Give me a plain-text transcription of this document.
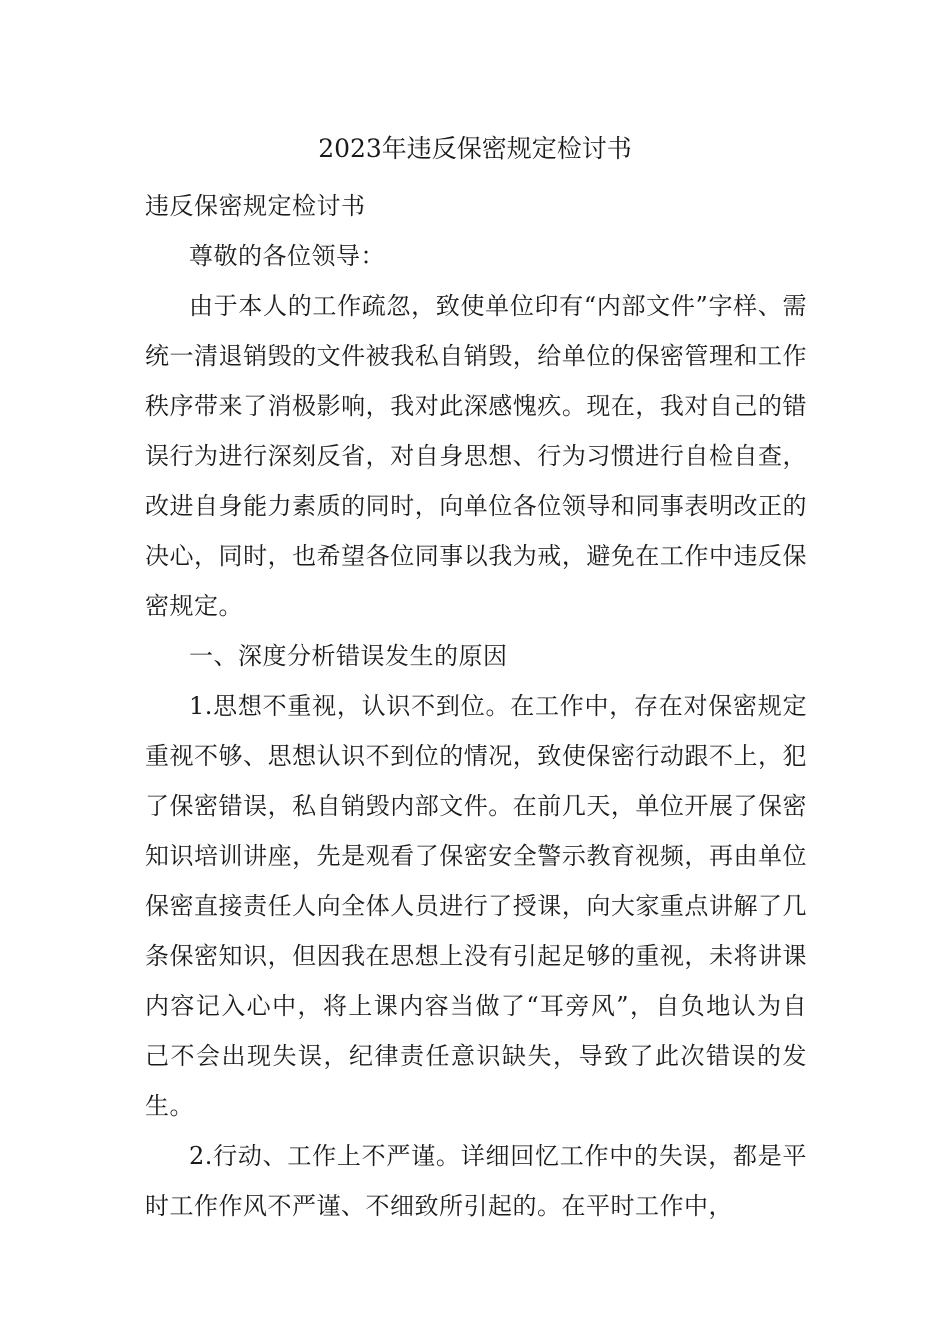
2023年违反保密规定检讨书

违反保密规定检讨书

尊敬的各位领导：

由于本人的工作疏忽，致使单位印有“内部文件”字样、需统一清退销毁的文件被我私自销毁，给单位的保密管理和工作秩序带来了消极影响，我对此深感愧疚。现在，我对自己的错误行为进行深刻反省，对自身思想、行为习惯进行自检自查，改进自身能力素质的同时，向单位各位领导和同事表明改正的决心，同时，也希望各位同事以我为戒，避免在工作中违反保密规定。

一、深度分析错误发生的原因

1.思想不重视，认识不到位。在工作中，存在对保密规定重视不够、思想认识不到位的情况，致使保密行动跟不上，犯了保密错误，私自销毁内部文件。在前几天，单位开展了保密知识培训讲座，先是观看了保密安全警示教育视频，再由单位保密直接责任人向全体人员进行了授课，向大家重点讲解了几条保密知识，但因我在思想上没有引起足够的重视，未将讲课内容记入心中，将上课内容当做了“耳旁风”，自负地认为自己不会出现失误，纪律责任意识缺失，导致了此次错误的发生。

2.行动、工作上不严谨。详细回忆工作中的失误，都是平时工作作风不严谨、不细致所引起的。在平时工作中，
